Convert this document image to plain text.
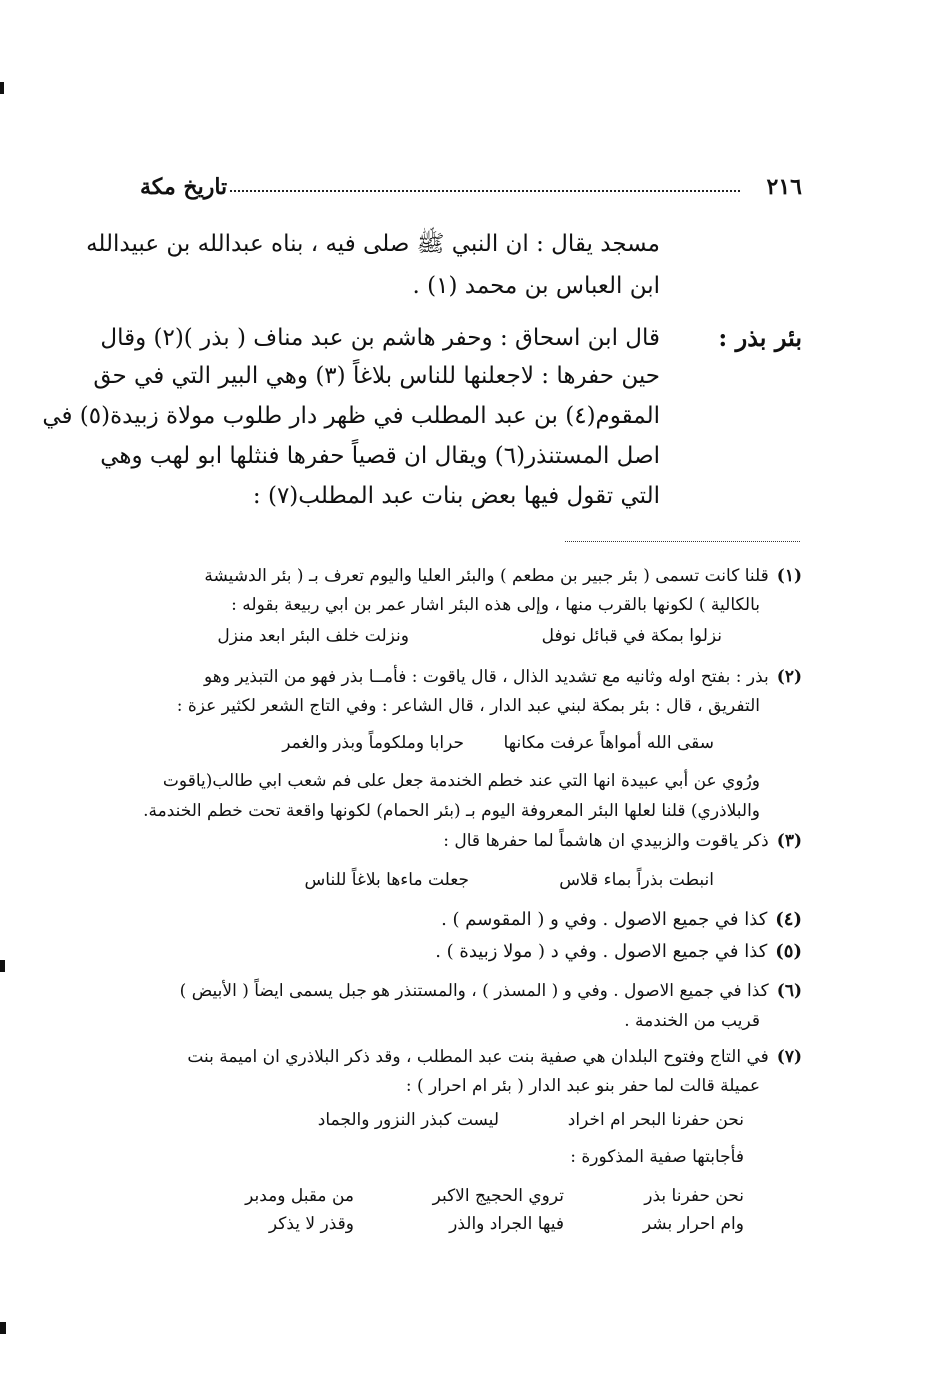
٢١٦
تاريخ مكة
مسجد يقال : ان النبي ﷺ صلى فيه ، بناه عبدالله بن عبيدالله
ابن العباس بن محمد (١) .
بئر بذر :
قال ابن اسحاق : وحفر هاشم بن عبد مناف ( بذر )(٢) وقال
حين حفرها : لاجعلنها للناس بلاغاً (٣) وهي البير التي في حق
المقوم(٤) بن عبد المطلب في ظهر دار طلوب مولاة زبيدة(٥) في
اصل المستنذر(٦) ويقال ان قصياً حفرها فنثلها ابو لهب وهي
التي تقول فيها بعض بنات عبد المطلب(٧) :
(١)قلنا كانت تسمى ( بئر جبير بن مطعم ) والبئر العليا واليوم تعرف بـ ( بئر الدشيشة
بالكالية ) لكونها بالقرب منها ، وإلى هذه البئر اشار عمر بن ابي ربيعة بقوله :
نزلوا بمكة في قبائل نوفل
ونزلت خلف البئر ابعد منزل
(٢)بذر : بفتح اوله وثانيه مع تشديد الذال ، قال ياقوت : فأمــا بذر فهو من التبذير وهو
التفريق ، قال : بئر بمكة لبني عبد الدار ، قال الشاعر : وفي التاج الشعر لكثير عزة :
سقى الله أمواهاً عرفت مكانها
حرابا وملكوماً وبذر والغمر
ورُوي عن أبي عبيدة انها التي عند خطم الخندمة جعل على فم شعب ابي طالب(ياقوت
والبلاذري) قلنا لعلها البئر المعروفة اليوم بـ (بئر الحمام) لكونها واقعة تحت خطم الخندمة.
(٣)ذكر ياقوت والزبيدي ان هاشماً لما حفرها قال :
انبطت بذراً بماء قلاس
جعلت ماءها بلاغاً للناس
(٤)كذا في جميع الاصول . وفي و ( المقوسم ) .
(٥)كذا في جميع الاصول . وفي د ( مولا زبيدة ) .
(٦)كذا في جميع الاصول . وفي و ( المسذر ) ، والمستنذر هو جبل يسمى ايضاً ( الأبيض )
قريب من الخندمة .
(٧)في التاج وفتوح البلدان هي صفية بنت عبد المطلب ، وقد ذكر البلاذري ان اميمة بنت
عميلة قالت لما حفر بنو عبد الدار ( بئر ام احرار ) :
نحن حفرنا البحر ام اخراد
ليست كبذر النزور والجماد
فأجابتها صفية المذكورة :
نحن حفرنا بذر
تروي الحجيج الاكبر
من مقبل ومدبر
وام احرار بشر
فيها الجراد والذر
وقذر لا يذكر
